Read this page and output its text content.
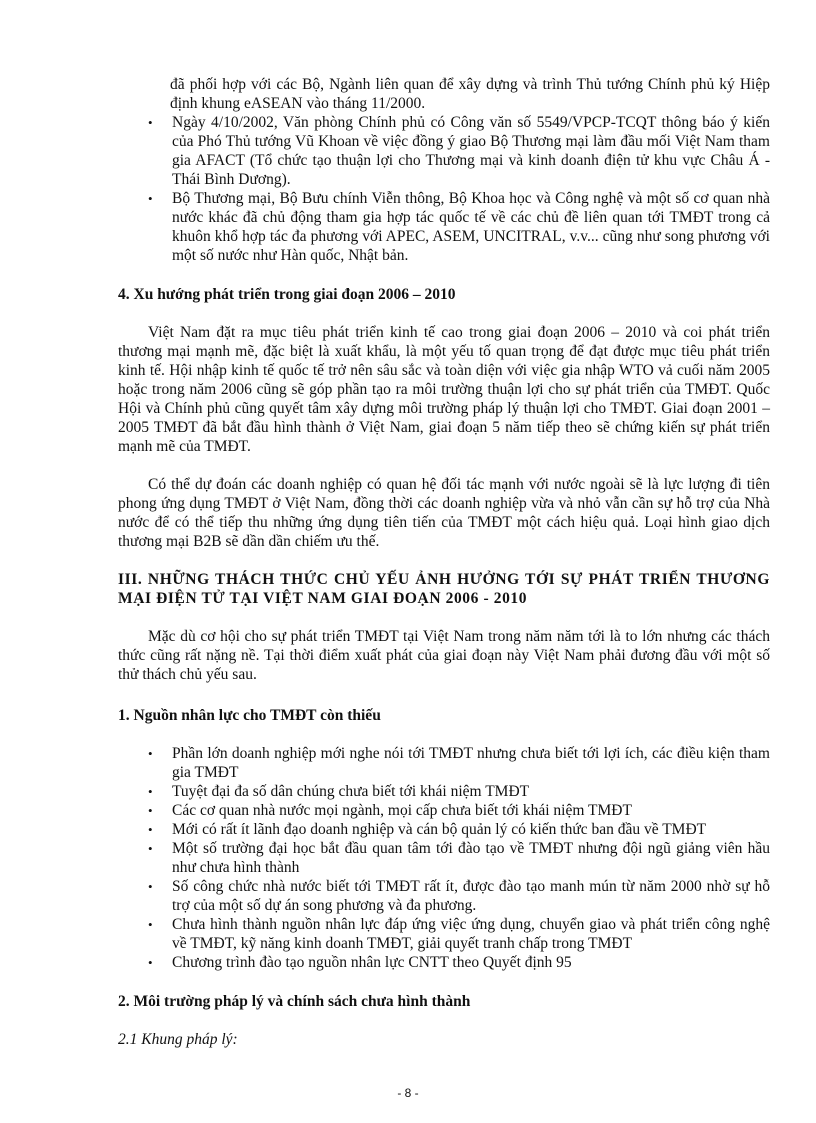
đã phối hợp với các Bộ, Ngành liên quan để xây dựng và trình Thủ tướng Chính phủ ký Hiệp định khung eASEAN vào tháng 11/2000.
• Ngày 4/10/2002, Văn phòng Chính phủ có Công văn số 5549/VPCP-TCQT thông báo ý kiến của Phó Thủ tướng Vũ Khoan về việc đồng ý giao Bộ Thương mại làm đầu mối Việt Nam tham gia AFACT (Tổ chức tạo thuận lợi cho Thương mại và kinh doanh điện tử khu vực Châu Á - Thái Bình Dương).
• Bộ Thương mại, Bộ Bưu chính Viễn thông, Bộ Khoa học và Công nghệ và một số cơ quan nhà nước khác đã chủ động tham gia hợp tác quốc tế về các chủ đề liên quan tới TMĐT trong cả khuôn khổ hợp tác đa phương với APEC, ASEM, UNCITRAL, v.v... cũng như song phương với một số nước như Hàn quốc, Nhật bản.
4. Xu hướng phát triển trong giai đoạn 2006 – 2010

Việt Nam đặt ra mục tiêu phát triển kinh tế cao trong giai đoạn 2006 – 2010 và coi phát triển thương mại mạnh mẽ, đặc biệt là xuất khẩu, là một yếu tố quan trọng để đạt được mục tiêu phát triển kinh tế. Hội nhập kinh tế quốc tế trở nên sâu sắc và toàn diện với việc gia nhập WTO vả cuối năm 2005 hoặc trong năm 2006 cũng sẽ góp phần tạo ra môi trường thuận lợi cho sự phát triển của TMĐT. Quốc Hội và Chính phủ cũng quyết tâm xây dựng môi trường pháp lý thuận lợi cho TMĐT. Giai đoạn 2001 – 2005 TMĐT đã bắt đầu hình thành ở Việt Nam, giai đoạn 5 năm tiếp theo sẽ chứng kiến sự phát triển mạnh mẽ của TMĐT.

Có thể dự đoán các doanh nghiệp có quan hệ đối tác mạnh với nước ngoài sẽ là lực lượng đi tiên phong ứng dụng TMĐT ở Việt Nam, đồng thời các doanh nghiệp vừa và nhỏ vẫn cần sự hỗ trợ của Nhà nước để có thể tiếp thu những ứng dụng tiên tiến của TMĐT một cách hiệu quả. Loại hình giao dịch thương mại B2B sẽ dần dần chiếm ưu thế.

III. NHỮNG THÁCH THỨC CHỦ YẾU ẢNH HƯỞNG TỚI SỰ PHÁT TRIỂN THƯƠNG MẠI ĐIỆN TỬ TẠI VIỆT NAM GIAI ĐOẠN 2006 - 2010

Mặc dù cơ hội cho sự phát triển TMĐT tại Việt Nam trong năm năm tới là to lớn nhưng các thách thức cũng rất nặng nề. Tại thời điểm xuất phát của giai đoạn này Việt Nam phải đương đầu với một số thử thách chủ yếu sau.

1. Nguồn nhân lực cho TMĐT còn thiếu
• Phần lớn doanh nghiệp mới nghe nói tới TMĐT nhưng chưa biết tới lợi ích, các điều kiện tham gia TMĐT
• Tuyệt đại đa số dân chúng chưa biết tới khái niệm TMĐT
• Các cơ quan nhà nước mọi ngành, mọi cấp chưa biết tới khái niệm TMĐT
• Mới có rất ít lãnh đạo doanh nghiệp và cán bộ quản lý có kiến thức ban đầu về TMĐT
• Một số trường đại học bắt đầu quan tâm tới đào tạo về TMĐT nhưng đội ngũ giảng viên hầu như chưa hình thành
• Số công chức nhà nước biết tới TMĐT rất ít, được đào tạo manh mún từ năm 2000 nhờ sự hỗ trợ của một số dự án song phương và đa phương.
• Chưa hình thành nguồn nhân lực đáp ứng việc ứng dụng, chuyển giao và phát triển công nghệ về TMĐT, kỹ năng kinh doanh TMĐT, giải quyết tranh chấp trong TMĐT
• Chương trình đào tạo nguồn nhân lực CNTT theo Quyết định 95
2. Môi trường pháp lý và chính sách chưa hình thành

2.1 Khung pháp lý:

- 8 -
